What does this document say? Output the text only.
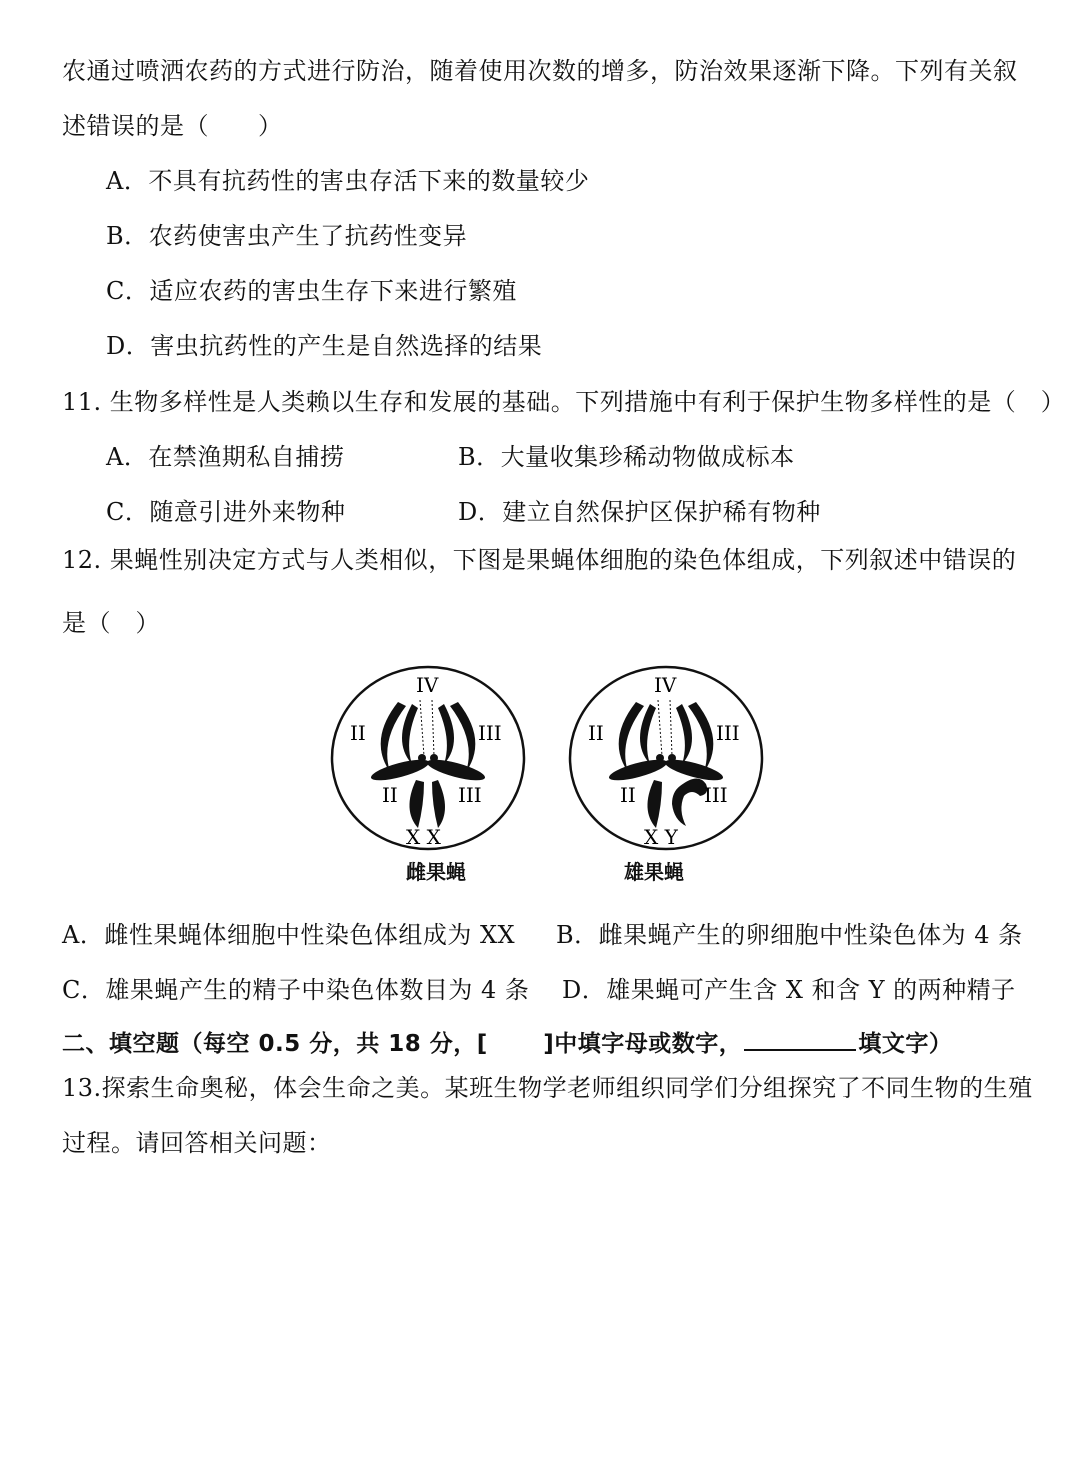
农通过喷洒农药的方式进行防治，随着使用次数的增多，防治效果逐渐下降。下列有关叙
述错误的是（　　）
A．不具有抗药性的害虫存活下来的数量较少
B．农药使害虫产生了抗药性变异
C．适应农药的害虫生存下来进行繁殖
D．害虫抗药性的产生是自然选择的结果
11. 生物多样性是人类赖以生存和发展的基础。下列措施中有利于保护生物多样性的是（　）
A．在禁渔期私自捕捞	B．大量收集珍稀动物做成标本
C．随意引进外来物种	D．建立自然保护区保护稀有物种
12. 果蝇性别决定方式与人类相似，下图是果蝇体细胞的染色体组成，下列叙述中错误的
是（　）
IV
II	III
II	III
X X
IV
II	III
II	III
X Y
雌果蝇	雄果蝇
A．雌性果蝇体细胞中性染色体组成为 XX B．雌果蝇产生的卵细胞中性染色体为 4 条
C．雄果蝇产生的精子中染色体数目为 4 条 D．雄果蝇可产生含 X 和含 Y 的两种精子
二、填空题（每空 0.5 分，共 18 分，[　　 ]中填字母或数字，	填文字）
13.探索生命奥秘，体会生命之美。某班生物学老师组织同学们分组探究了不同生物的生殖
过程。请回答相关问题：
